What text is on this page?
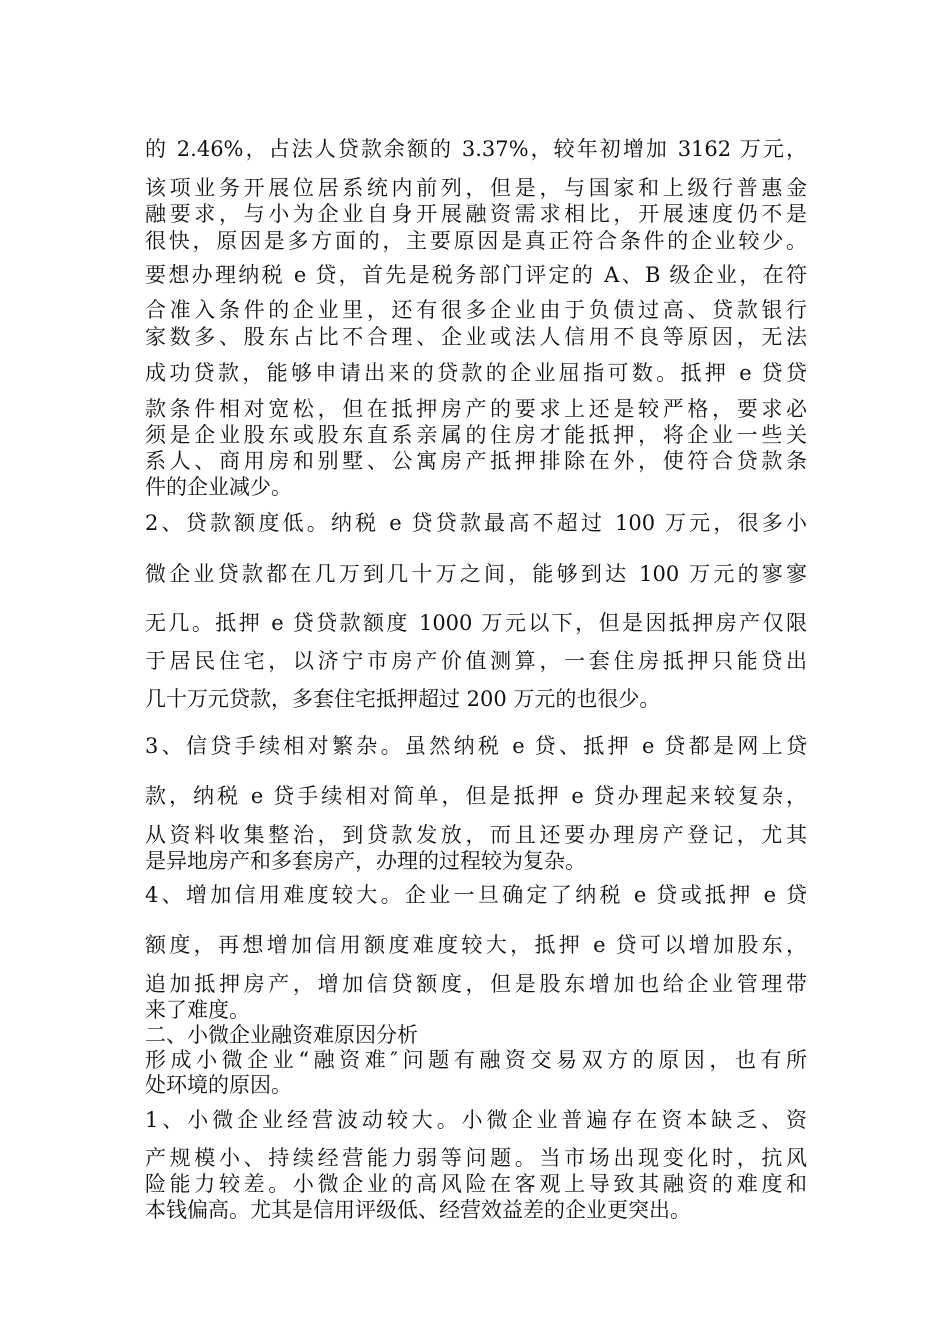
的 2.46%，占法人贷款余额的 3.37%，较年初增加 3162 万元，

该项业务开展位居系统内前列，但是，与国家和上级行普惠金

融要求，与小为企业自身开展融资需求相比，开展速度仍不是

很快，原因是多方面的，主要原因是真正符合条件的企业较少。

要想办理纳税 e 贷，首先是税务部门评定的 A、B 级企业，在符

合准入条件的企业里，还有很多企业由于负债过高、贷款银行

家数多、股东占比不合理、企业或法人信用不良等原因，无法

成功贷款，能够申请出来的贷款的企业屈指可数。抵押 e 贷贷

款条件相对宽松，但在抵押房产的要求上还是较严格，要求必

须是企业股东或股东直系亲属的住房才能抵押，将企业一些关

系人、商用房和别墅、公寓房产抵押排除在外，使符合贷款条

件的企业减少。

2、贷款额度低。纳税 e 贷贷款最高不超过 100 万元，很多小

微企业贷款都在几万到几十万之间，能够到达 100 万元的寥寥

无几。抵押 e 贷贷款额度 1000 万元以下，但是因抵押房产仅限

于居民住宅，以济宁市房产价值测算，一套住房抵押只能贷出

几十万元贷款，多套住宅抵押超过 200 万元的也很少。

3、信贷手续相对繁杂。虽然纳税 e 贷、抵押 e 贷都是网上贷

款，纳税 e 贷手续相对简单，但是抵押 e 贷办理起来较复杂，

从资料收集整治，到贷款发放，而且还要办理房产登记，尤其

是异地房产和多套房产，办理的过程较为复杂。

4、增加信用难度较大。企业一旦确定了纳税 e 贷或抵押 e 贷

额度，再想增加信用额度难度较大，抵押 e 贷可以增加股东，

追加抵押房产，增加信贷额度，但是股东增加也给企业管理带

来了难度。

二、小微企业融资难原因分析

形成小微企业“融资难″问题有融资交易双方的原因，也有所

处环境的原因。

1、小微企业经营波动较大。小微企业普遍存在资本缺乏、资

产规模小、持续经营能力弱等问题。当市场出现变化时，抗风

险能力较差。小微企业的高风险在客观上导致其融资的难度和

本钱偏高。尤其是信用评级低、经营效益差的企业更突出。
